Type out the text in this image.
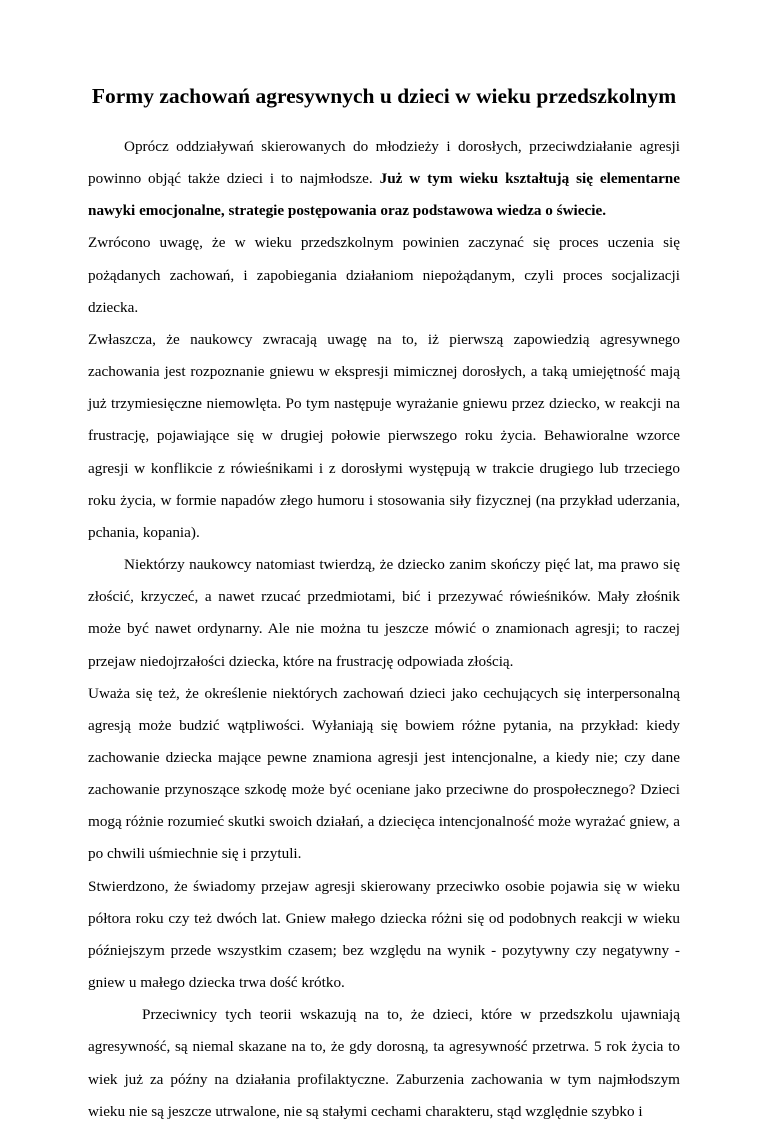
Formy zachowań agresywnych u dzieci w wieku przedszkolnym

Oprócz oddziaływań skierowanych do młodzieży i dorosłych, przeciwdziałanie agresji powinno objąć także dzieci i to najmłodsze. Już w tym wieku kształtują się elementarne nawyki emocjonalne, strategie postępowania oraz podstawowa wiedza o świecie.

Zwrócono uwagę, że w wieku przedszkolnym powinien zaczynać się proces uczenia się pożądanych zachowań, i zapobiegania działaniom niepożądanym, czyli proces socjalizacji dziecka.

Zwłaszcza, że naukowcy zwracają uwagę na to, iż pierwszą zapowiedzią agresywnego zachowania jest rozpoznanie gniewu w ekspresji mimicznej dorosłych, a taką umiejętność mają już trzymiesięczne niemowlęta. Po tym następuje wyrażanie gniewu przez dziecko, w reakcji na frustrację, pojawiające się w drugiej połowie pierwszego roku życia. Behawioralne wzorce agresji w konflikcie z rówieśnikami i z dorosłymi występują w trakcie drugiego lub trzeciego roku życia, w formie napadów złego humoru i stosowania siły fizycznej (na przykład uderzania, pchania, kopania).

Niektórzy naukowcy natomiast twierdzą, że dziecko zanim skończy pięć lat, ma prawo się złościć, krzyczeć, a nawet rzucać przedmiotami, bić i przezywać rówieśników. Mały złośnik może być nawet ordynarny. Ale nie można tu jeszcze mówić o znamionach agresji; to raczej przejaw niedojrzałości dziecka, które na frustrację odpowiada złością.

Uważa się też, że określenie niektórych zachowań dzieci jako cechujących się interpersonalną agresją może budzić wątpliwości. Wyłaniają się bowiem różne pytania, na przykład: kiedy zachowanie dziecka mające pewne znamiona agresji jest intencjonalne, a kiedy nie; czy dane zachowanie przynoszące szkodę może być oceniane jako przeciwne do prospołecznego? Dzieci mogą różnie rozumieć skutki swoich działań, a dziecięca intencjonalność może wyrażać gniew, a po chwili uśmiechnie się i przytuli.

Stwierdzono, że świadomy przejaw agresji skierowany przeciwko osobie pojawia się w wieku półtora roku czy też dwóch lat. Gniew małego dziecka różni się od podobnych reakcji w wieku późniejszym przede wszystkim czasem; bez względu na wynik - pozytywny czy negatywny - gniew u małego dziecka trwa dość krótko.

Przeciwnicy tych teorii wskazują na to, że dzieci, które w przedszkolu ujawniają agresywność, są niemal skazane na to, że gdy dorosną, ta agresywność przetrwa. 5 rok życia to wiek już za późny na działania profilaktyczne. Zaburzenia zachowania w tym najmłodszym wieku nie są jeszcze utrwalone, nie są stałymi cechami charakteru, stąd względnie szybko i
